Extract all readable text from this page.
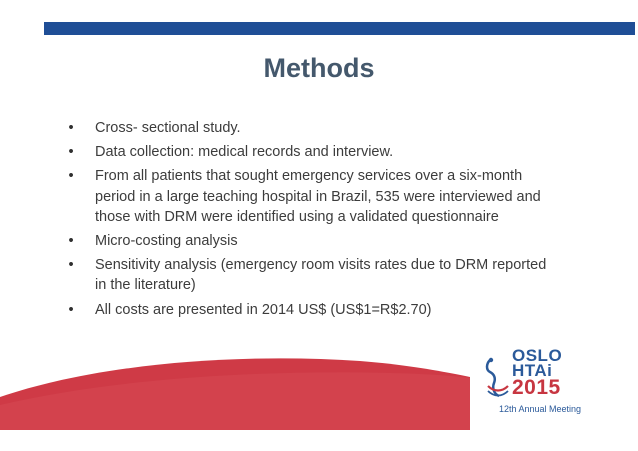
Methods
• Cross- sectional study.
• Data collection: medical records and interview.
• From all patients that sought emergency services over a six-month period in a large teaching hospital in Brazil, 535 were interviewed and those with DRM were identified using a validated questionnaire
• Micro-costing analysis
• Sensitivity analysis (emergency room visits rates due to DRM reported in the literature)
• All costs are presented in 2014 US$ (US$1=R$2.70)
OSLO
HTAi
2015
12th Annual Meeting
